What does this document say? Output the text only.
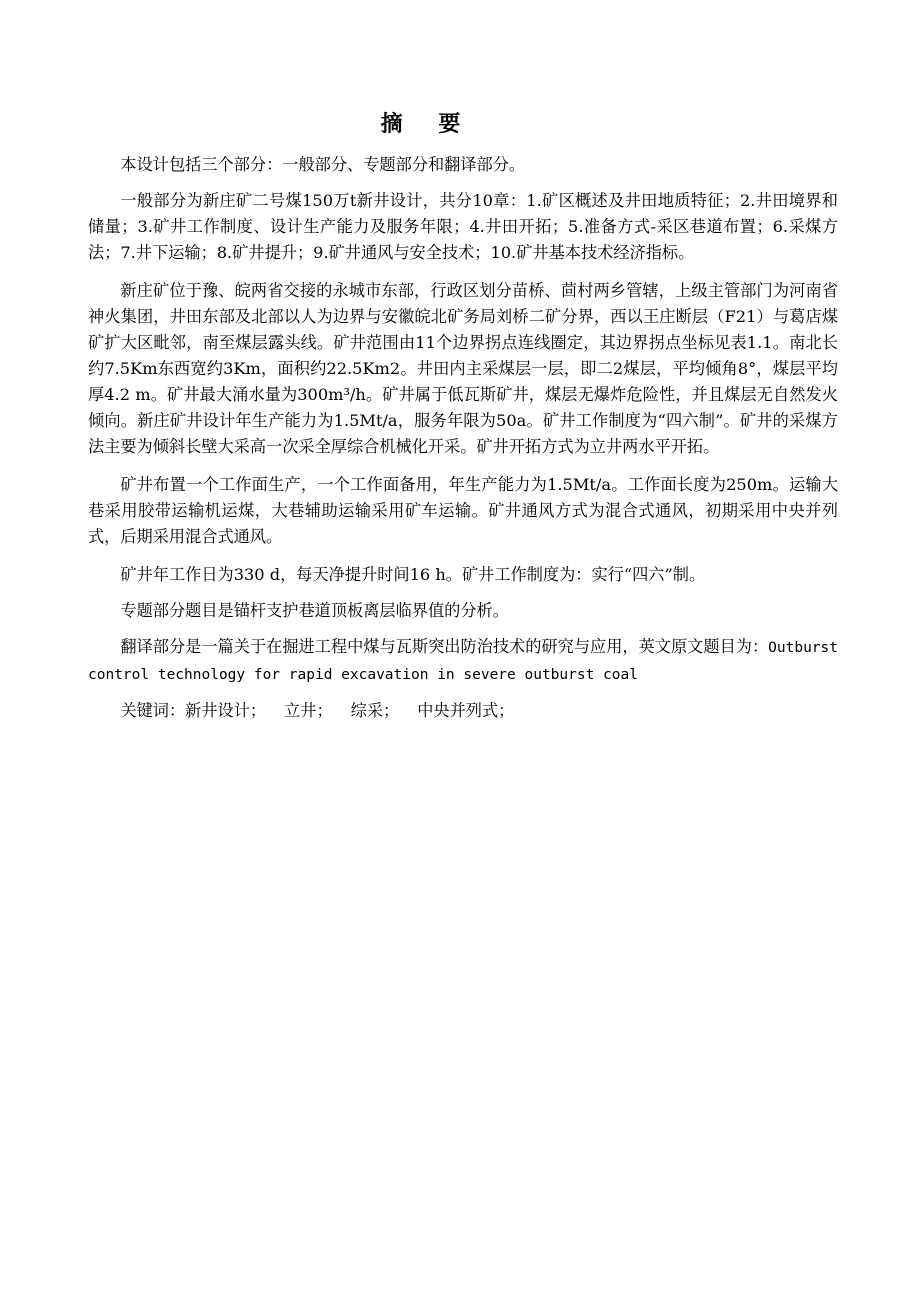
摘 要

本设计包括三个部分：一般部分、专题部分和翻译部分。

一般部分为新庄矿二号煤150万t新井设计，共分10章：1.矿区概述及井田地质特征；2.井田境界和储量；3.矿井工作制度、设计生产能力及服务年限；4.井田开拓；5.准备方式-采区巷道布置；6.采煤方法；7.井下运输；8.矿井提升；9.矿井通风与安全技术；10.矿井基本技术经济指标。

新庄矿位于豫、皖两省交接的永城市东部，行政区划分苗桥、茴村两乡管辖，上级主管部门为河南省神火集团，井田东部及北部以人为边界与安徽皖北矿务局刘桥二矿分界，西以王庄断层（F21）与葛店煤矿扩大区毗邻，南至煤层露头线。矿井范围由11个边界拐点连线圈定，其边界拐点坐标见表1.1。南北长约7.5Km东西宽约3Km，面积约22.5Km2。井田内主采煤层一层，即二2煤层，平均倾角8°，煤层平均厚4.2 m。矿井最大涌水量为300m³/h。矿井属于低瓦斯矿井，煤层无爆炸危险性，并且煤层无自然发火倾向。新庄矿井设计年生产能力为1.5Mt/a，服务年限为50a。矿井工作制度为“四六制”。矿井的采煤方法主要为倾斜长壁大采高一次采全厚综合机械化开采。矿井开拓方式为立井两水平开拓。

矿井布置一个工作面生产，一个工作面备用，年生产能力为1.5Mt/a。工作面长度为250m。运输大巷采用胶带运输机运煤，大巷辅助运输采用矿车运输。矿井通风方式为混合式通风，初期采用中央并列式，后期采用混合式通风。

矿井年工作日为330 d，每天净提升时间16 h。矿井工作制度为：实行“四六”制。

专题部分题目是锚杆支护巷道顶板离层临界值的分析。

翻译部分是一篇关于在掘进工程中煤与瓦斯突出防治技术的研究与应用，英文原文题目为：Outburst control technology for rapid excavation in severe outburst coal

关键词：新井设计； 立井； 综采； 中央并列式；
